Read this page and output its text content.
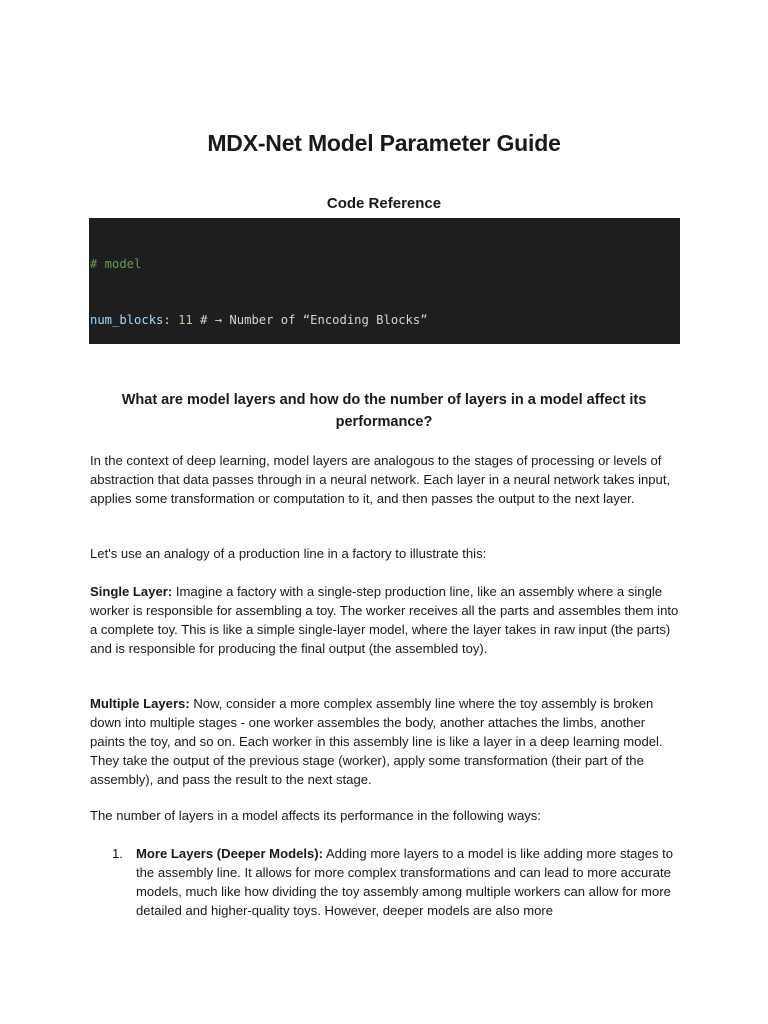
MDX-Net Model Parameter Guide
Code Reference

# model

num_blocks: 11 # → Number of “Encoding Blocks”

What are model layers and how do the number of layers in a model affect its performance?
In the context of deep learning, model layers are analogous to the stages of processing or levels of abstraction that data passes through in a neural network. Each layer in a neural network takes input, applies some transformation or computation to it, and then passes the output to the next layer.
Let's use an analogy of a production line in a factory to illustrate this:
Single Layer: Imagine a factory with a single-step production line, like an assembly where a single worker is responsible for assembling a toy. The worker receives all the parts and assembles them into a complete toy. This is like a simple single-layer model, where the layer takes in raw input (the parts) and is responsible for producing the final output (the assembled toy).
Multiple Layers: Now, consider a more complex assembly line where the toy assembly is broken down into multiple stages - one worker assembles the body, another attaches the limbs, another paints the toy, and so on. Each worker in this assembly line is like a layer in a deep learning model. They take the output of the previous stage (worker), apply some transformation (their part of the assembly), and pass the result to the next stage.
The number of layers in a model affects its performance in the following ways:
1. More Layers (Deeper Models): Adding more layers to a model is like adding more stages to the assembly line. It allows for more complex transformations and can lead to more accurate models, much like how dividing the toy assembly among multiple workers can allow for more detailed and higher-quality toys. However, deeper models are also more
